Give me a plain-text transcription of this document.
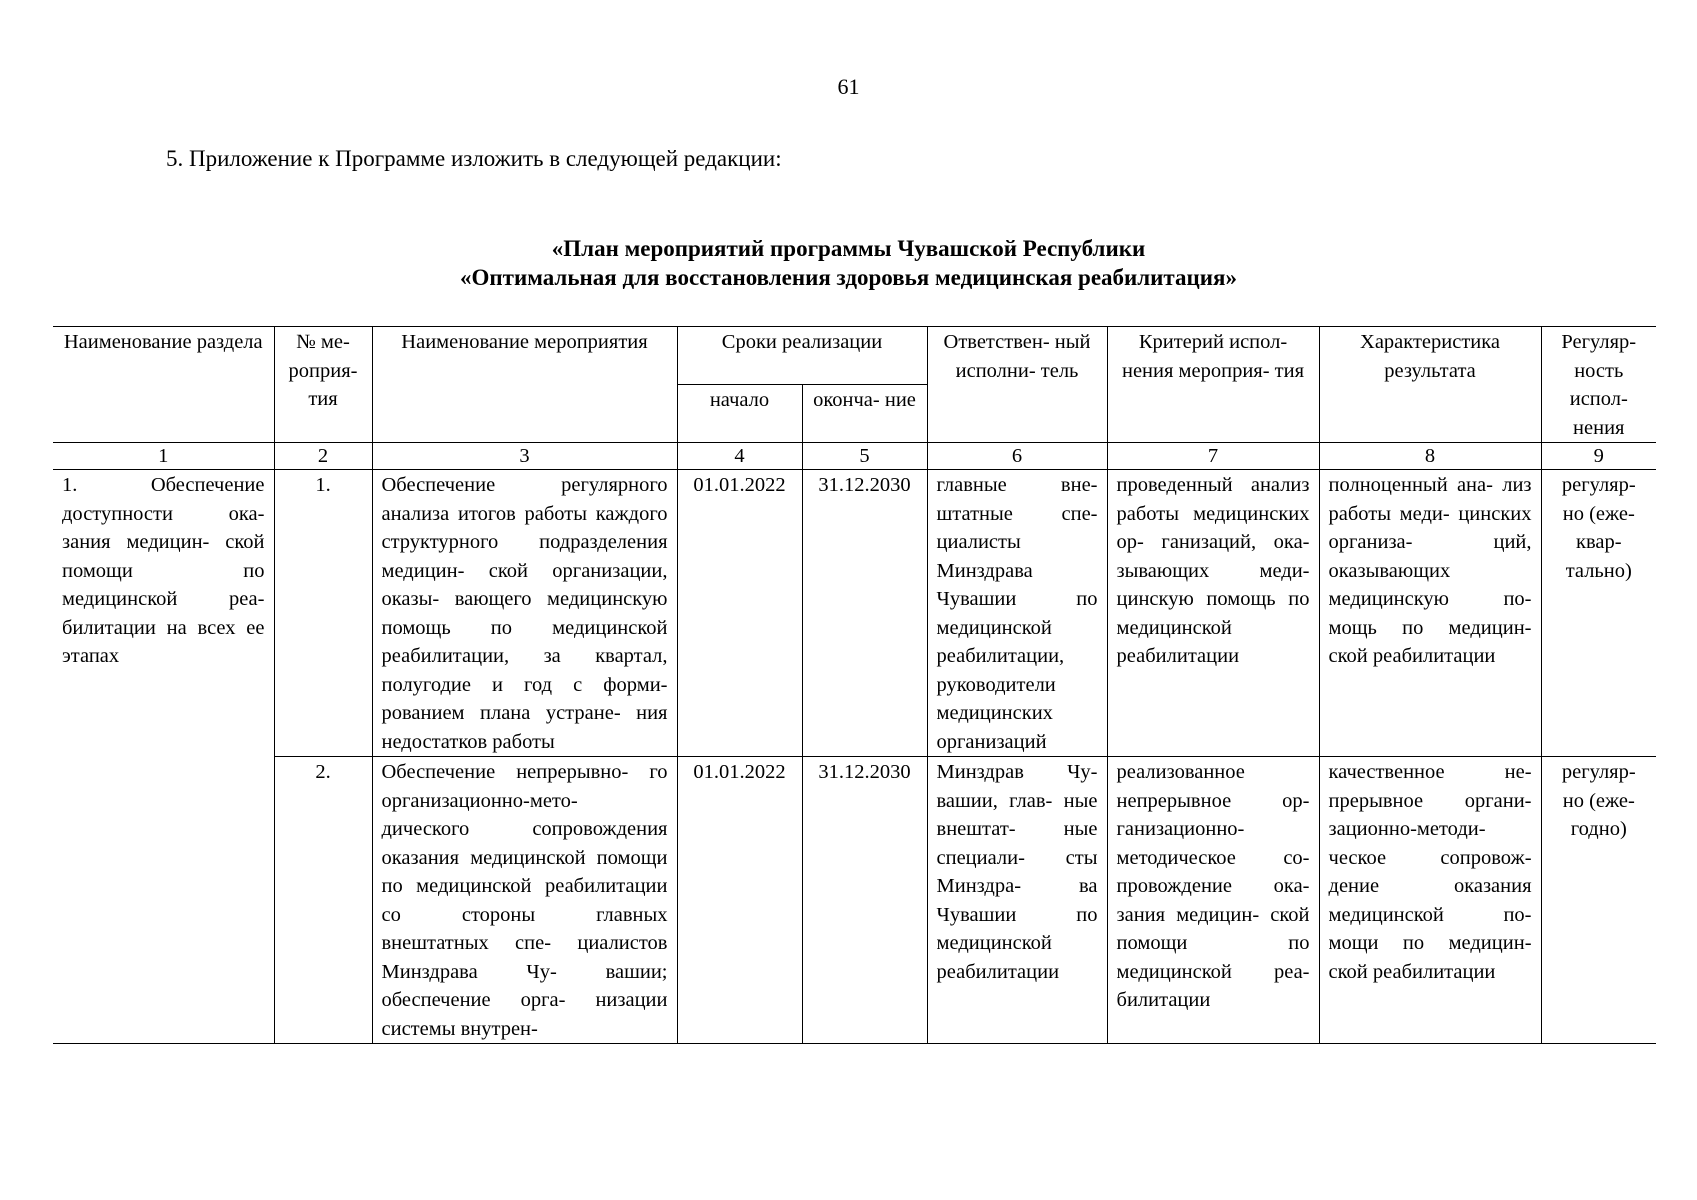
61
5. Приложение к Программе изложить в следующей редакции:
«План мероприятий программы Чувашской Республики
«Оптимальная для восстановления здоровья медицинская реабилитация»
Наименование раздела	№ ме- роприя- тия	Наименование мероприятия	Сроки реализации		Ответствен- ный исполни- тель	Критерий испол- нения мероприя- тия	Характеристика результата	Регуляр- ность испол- нения
			начало	оконча- ние				
1	2	3	4	5	6	7	8	9
1. Обеспечение доступности ока- зания медицин- ской помощи по медицинской реа- билитации на всех ее этапах	1.	Обеспечение регулярного анализа итогов работы каждого структурного подразделения медицин- ской организации, оказы- вающего медицинскую помощь по медицинской реабилитации, за квартал, полугодие и год с форми- рованием плана устране- ния недостатков работы	01.01.2022	31.12.2030	главные вне- штатные спе- циалисты Минздрава Чувашии по медицинской реабилитации, руководители медицинских организаций	проведенный анализ работы медицинских ор- ганизаций, ока- зывающих меди- цинскую помощь по медицинской реабилитации	полноценный ана- лиз работы меди- цинских организа- ций, оказывающих медицинскую по- мощь по медицин- ской реабилитации	регуляр- но (еже- квар- тально)
	2.	Обеспечение непрерывно- го организационно-мето- дического сопровождения оказания медицинской помощи по медицинской реабилитации со стороны главных внештатных спе- циалистов Минздрава Чу- вашии; обеспечение орга- низации системы внутрен-	01.01.2022	31.12.2030	Минздрав Чу- вашии, глав- ные внештат- ные специали- сты Минздра- ва Чувашии по медицинской реабилитации	реализованное непрерывное ор- ганизационно- методическое со- провождение ока- зания медицин- ской помощи по медицинской реа- билитации	качественное не- прерывное органи- зационно-методи- ческое сопровож- дение оказания медицинской по- мощи по медицин- ской реабилитации	регуляр- но (еже- годно)
